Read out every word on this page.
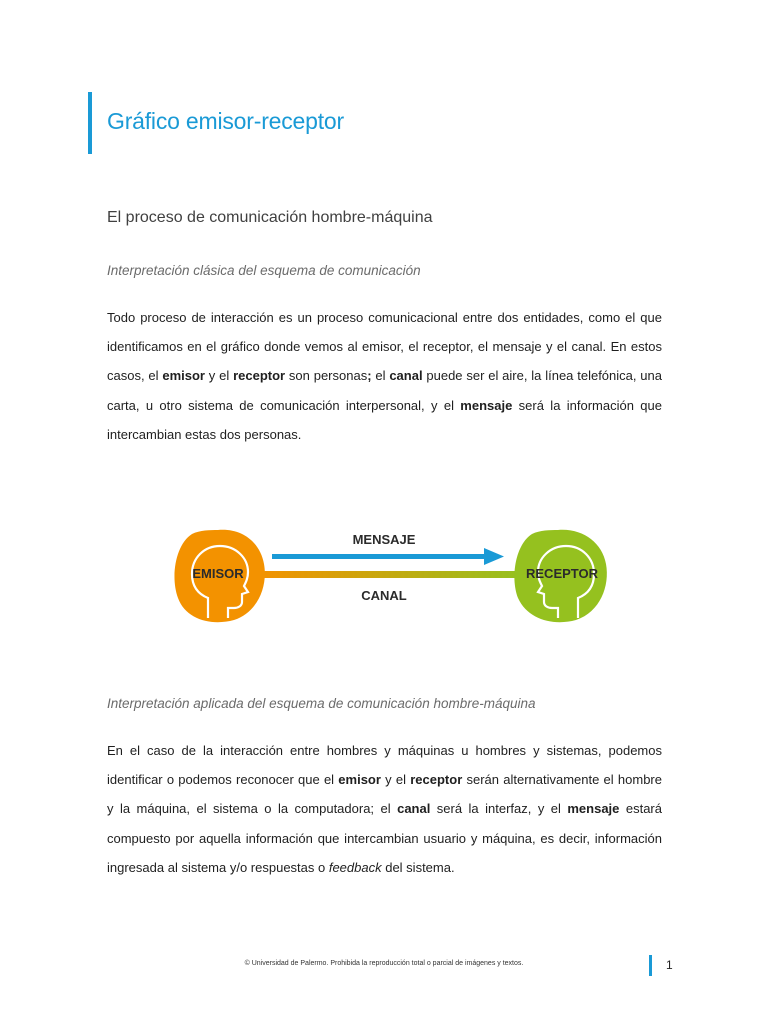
Gráfico emisor-receptor
El proceso de comunicación hombre-máquina
Interpretación clásica del esquema de comunicación

Todo proceso de interacción es un proceso comunicacional entre dos entidades, como el que identificamos en el gráfico donde vemos al emisor, el receptor, el mensaje y el canal. En estos casos, el emisor y el receptor son personas; el canal puede ser el aire, la línea telefónica, una carta, u otro sistema de comunicación interpersonal, y el mensaje será la información que intercambian estas dos personas.

EMISOR
MENSAJE
CANAL
RECEPTOR
Interpretación aplicada del esquema de comunicación hombre-máquina

En el caso de la interacción entre hombres y máquinas u hombres y sistemas, podemos identificar o podemos reconocer que el emisor y el receptor serán alternativamente el hombre y la máquina, el sistema o la computadora; el canal será la interfaz, y el mensaje estará compuesto por aquella información que intercambian usuario y máquina, es decir, información ingresada al sistema y/o respuestas o feedback del sistema.

© Universidad de Palermo. Prohibida la reproducción total o parcial de imágenes y textos.	1
